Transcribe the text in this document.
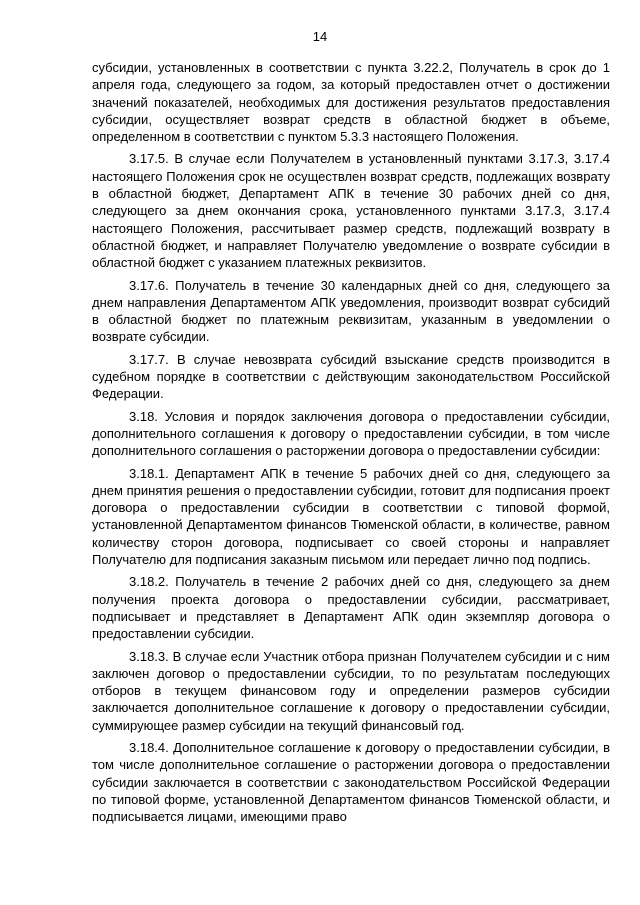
14

субсидии, установленных в соответствии с пункта 3.22.2, Получатель в срок до 1 апреля года, следующего за годом, за который предоставлен отчет о достижении значений показателей, необходимых для достижения результатов предоставления субсидии, осуществляет возврат средств в областной бюджет в объеме, определенном в соответствии с пунктом 5.3.3 настоящего Положения.

3.17.5. В случае если Получателем в установленный пунктами 3.17.3, 3.17.4 настоящего Положения срок не осуществлен возврат средств, подлежащих возврату в областной бюджет, Департамент АПК в течение 30 рабочих дней со дня, следующего за днем окончания срока, установленного пунктами 3.17.3, 3.17.4 настоящего Положения, рассчитывает размер средств, подлежащий возврату в областной бюджет, и направляет Получателю уведомление о возврате субсидии в областной бюджет с указанием платежных реквизитов.

3.17.6. Получатель в течение 30 календарных дней со дня, следующего за днем направления Департаментом АПК уведомления, производит возврат субсидий в областной бюджет по платежным реквизитам, указанным в уведомлении о возврате субсидии.

3.17.7. В случае невозврата субсидий взыскание средств производится в судебном порядке в соответствии с действующим законодательством Российской Федерации.

3.18. Условия и порядок заключения договора о предоставлении субсидии, дополнительного соглашения к договору о предоставлении субсидии, в том числе дополнительного соглашения о расторжении договора о предоставлении субсидии:

3.18.1. Департамент АПК в течение 5 рабочих дней со дня, следующего за днем принятия решения о предоставлении субсидии, готовит для подписания проект договора о предоставлении субсидии в соответствии с типовой формой, установленной Департаментом финансов Тюменской области, в количестве, равном количеству сторон договора, подписывает со своей стороны и направляет Получателю для подписания заказным письмом или передает лично под подпись.

3.18.2. Получатель в течение 2 рабочих дней со дня, следующего за днем получения проекта договора о предоставлении субсидии, рассматривает, подписывает и представляет в Департамент АПК один экземпляр договора о предоставлении субсидии.

3.18.3. В случае если Участник отбора признан Получателем субсидии и с ним заключен договор о предоставлении субсидии, то по результатам последующих отборов в текущем финансовом году и определении размеров субсидии заключается дополнительное соглашение к договору о предоставлении субсидии, суммирующее размер субсидии на текущий финансовый год.

3.18.4. Дополнительное соглашение к договору о предоставлении субсидии, в том числе дополнительное соглашение о расторжении договора о предоставлении субсидии заключается в соответствии с законодательством Российской Федерации по типовой форме, установленной Департаментом финансов Тюменской области, и подписывается лицами, имеющими право
